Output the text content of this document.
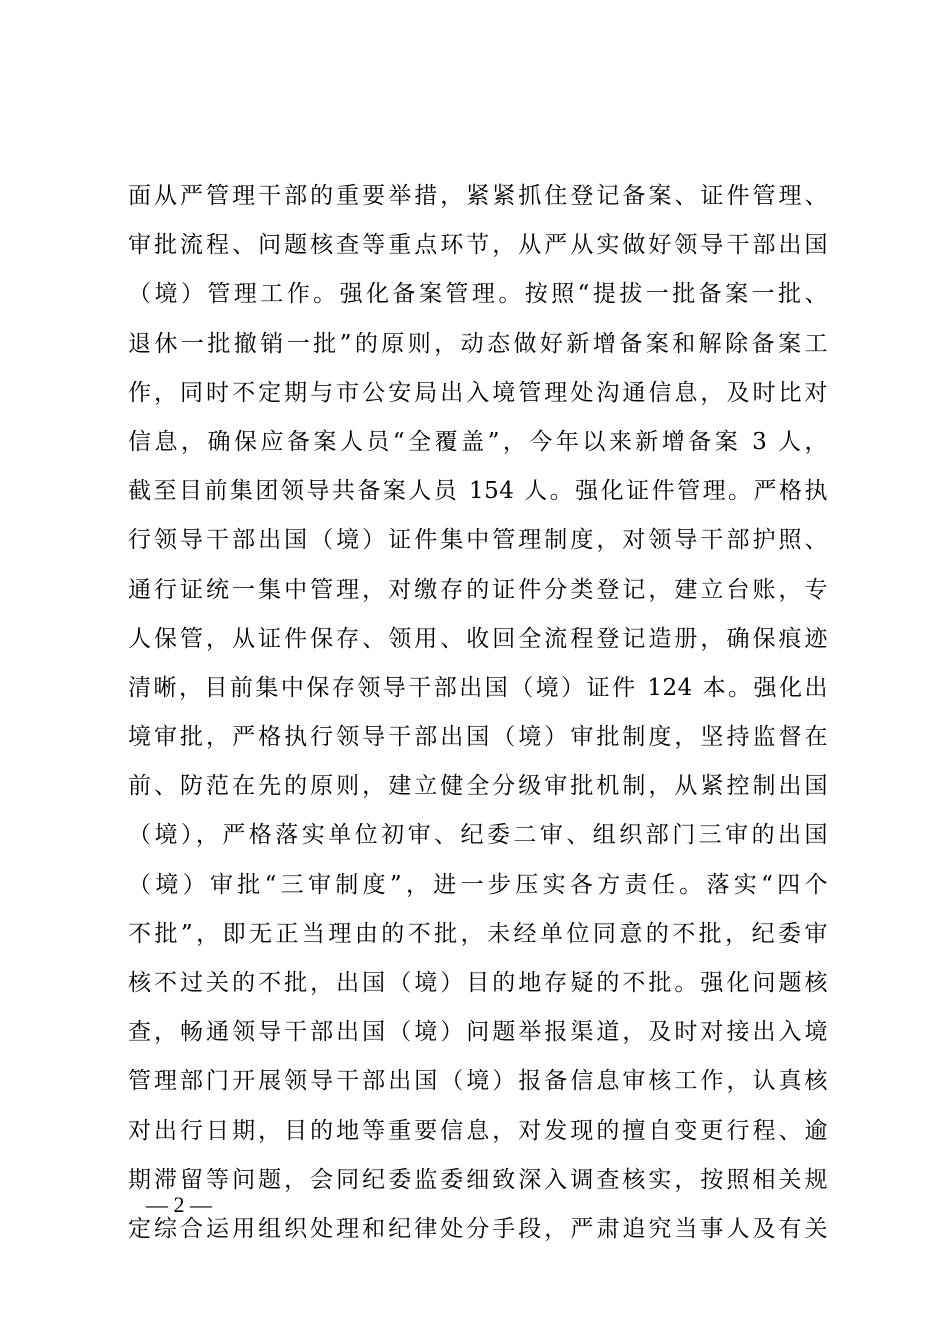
面从严管理干部的重要举措，紧紧抓住登记备案、证件管理、
审批流程、问题核查等重点环节，从严从实做好领导干部出国
（境）管理工作。强化备案管理。按照“提拔一批备案一批、
退休一批撤销一批”的原则，动态做好新增备案和解除备案工
作，同时不定期与市公安局出入境管理处沟通信息，及时比对
信息，确保应备案人员“全覆盖”，今年以来新增备案 3 人，
截至目前集团领导共备案人员 154 人。强化证件管理。严格执
行领导干部出国（境）证件集中管理制度，对领导干部护照、
通行证统一集中管理，对缴存的证件分类登记，建立台账，专
人保管，从证件保存、领用、收回全流程登记造册，确保痕迹
清晰，目前集中保存领导干部出国（境）证件 124 本。强化出
境审批，严格执行领导干部出国（境）审批制度，坚持监督在
前、防范在先的原则，建立健全分级审批机制，从紧控制出国
（境），严格落实单位初审、纪委二审、组织部门三审的出国
（境）审批“三审制度”，进一步压实各方责任。落实“四个
不批”，即无正当理由的不批，未经单位同意的不批，纪委审
核不过关的不批，出国（境）目的地存疑的不批。强化问题核
查，畅通领导干部出国（境）问题举报渠道，及时对接出入境
管理部门开展领导干部出国（境）报备信息审核工作，认真核
对出行日期，目的地等重要信息，对发现的擅自变更行程、逾
期滞留等问题，会同纪委监委细致深入调查核实，按照相关规
定综合运用组织处理和纪律处分手段，严肃追究当事人及有关
— 2 —
